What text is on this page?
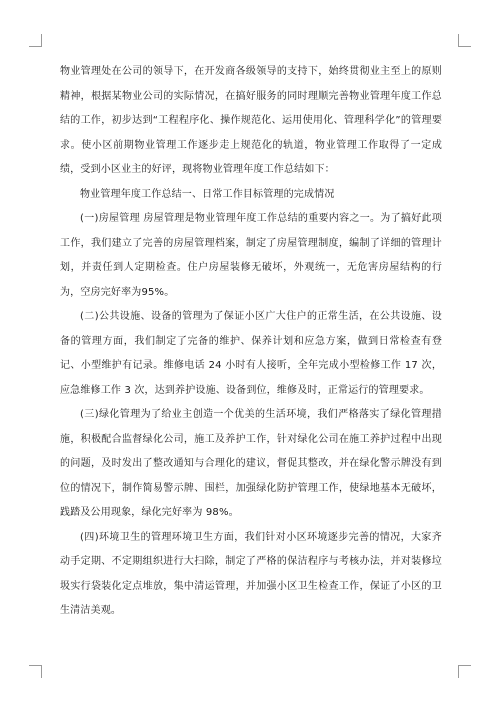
物业管理处在公司的领导下，在开发商各级领导的支持下，始终贯彻业主至上的原则精神，根据某物业公司的实际情况，在搞好服务的同时理顺完善物业管理年度工作总结的工作，初步达到“工程程序化、操作规范化、运用使用化、管理科学化”的管理要求。使小区前期物业管理工作逐步走上规范化的轨道，物业管理工作取得了一定成绩，受到小区业主的好评，现将物业管理年度工作总结如下：

物业管理年度工作总结一、日常工作目标管理的完成情况

(一)房屋管理 房屋管理是物业管理年度工作总结的重要内容之一。为了搞好此项工作，我们建立了完善的房屋管理档案，制定了房屋管理制度，编制了详细的管理计划，并责任到人定期检查。住户房屋装修无破坏，外观统一，无危害房屋结构的行为，空房完好率为95%。

(二)公共设施、设备的管理为了保证小区广大住户的正常生活，在公共设施、设备的管理方面，我们制定了完备的维护、保养计划和应急方案，做到日常检查有登记、小型维护有记录。维修电话 24 小时有人接听，全年完成小型检修工作 17 次，应急维修工作 3 次，达到养护设施、设备到位，维修及时，正常运行的管理要求。

(三)绿化管理为了给业主创造一个优美的生活环境，我们严格落实了绿化管理措施，积极配合监督绿化公司，施工及养护工作，针对绿化公司在施工养护过程中出现的问题，及时发出了整改通知与合理化的建议，督促其整改，并在绿化警示牌没有到位的情况下，制作简易警示牌、围栏，加强绿化防护管理工作，使绿地基本无破坏，践踏及公用现象，绿化完好率为 98%。

(四)环境卫生的管理环境卫生方面，我们针对小区环境逐步完善的情况，大家齐动手定期、不定期组织进行大扫除，制定了严格的保洁程序与考核办法，并对装修垃圾实行袋装化定点堆放，集中清运管理，并加强小区卫生检查工作，保证了小区的卫生清洁美观。
